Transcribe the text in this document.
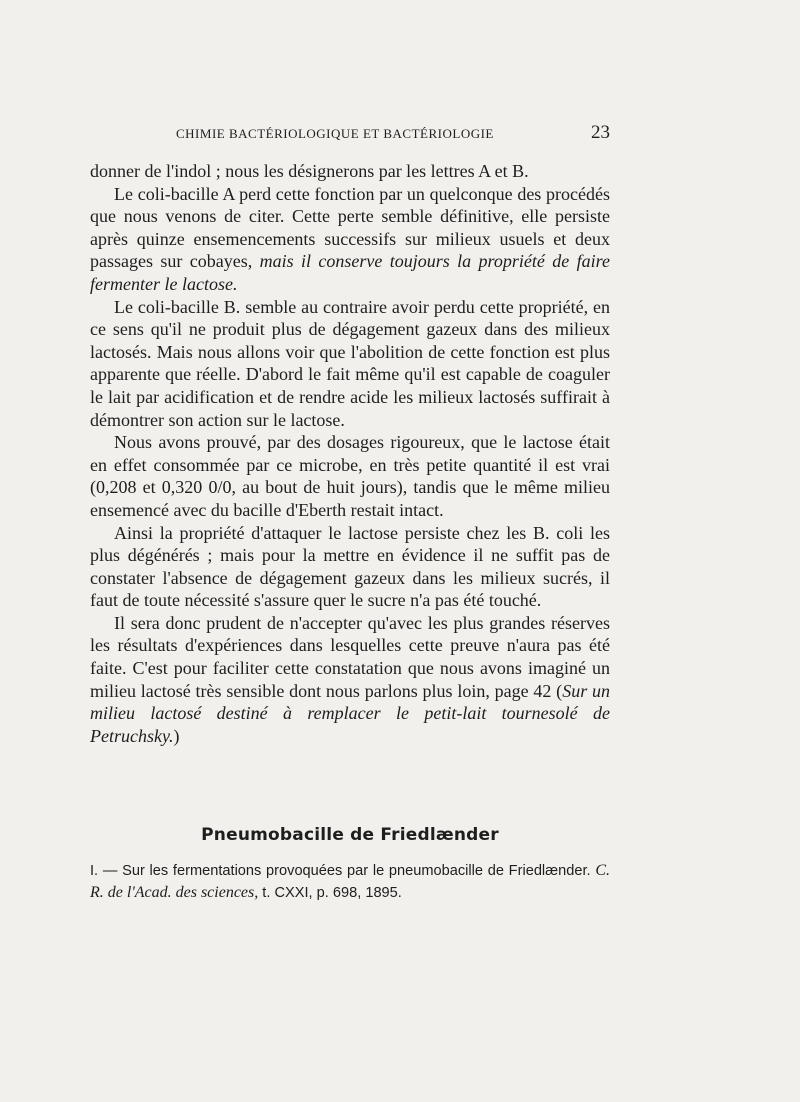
CHIMIE BACTÉRIOLOGIQUE ET BACTÉRIOLOGIE	23

donner de l'indol ; nous les désignerons par les lettres A et B.

Le coli-bacille A perd cette fonction par un quelconque des procédés que nous venons de citer. Cette perte semble définitive, elle persiste après quinze ensemencements successifs sur milieux usuels et deux passages sur cobayes, mais il conserve toujours la propriété de faire fermenter le lactose.

Le coli-bacille B. semble au contraire avoir perdu cette propriété, en ce sens qu'il ne produit plus de dégagement gazeux dans des milieux lactosés. Mais nous allons voir que l'abolition de cette fonction est plus apparente que réelle. D'abord le fait même qu'il est capable de coaguler le lait par acidification et de rendre acide les milieux lactosés suffirait à démontrer son action sur le lactose.

Nous avons prouvé, par des dosages rigoureux, que le lactose était en effet consommée par ce microbe, en très petite quantité il est vrai (0,208 et 0,320 0/0, au bout de huit jours), tandis que le même milieu ensemencé avec du bacille d'Eberth restait intact.

Ainsi la propriété d'attaquer le lactose persiste chez les B. coli les plus dégénérés ; mais pour la mettre en évidence il ne suffit pas de constater l'absence de dégagement gazeux dans les milieux sucrés, il faut de toute nécessité s'assure quer le sucre n'a pas été touché.

Il sera donc prudent de n'accepter qu'avec les plus grandes réserves les résultats d'expériences dans lesquelles cette preuve n'aura pas été faite. C'est pour faciliter cette constatation que nous avons imaginé un milieu lactosé très sensible dont nous parlons plus loin, page 42 (Sur un milieu lactosé destiné à remplacer le petit-lait tournesolé de Petruchsky.)

Pneumobacille de Friedlænder
I. — Sur les fermentations provoquées par le pneumobacille de Friedlænder. C. R. de l'Acad. des sciences, t. CXXI, p. 698, 1895.
